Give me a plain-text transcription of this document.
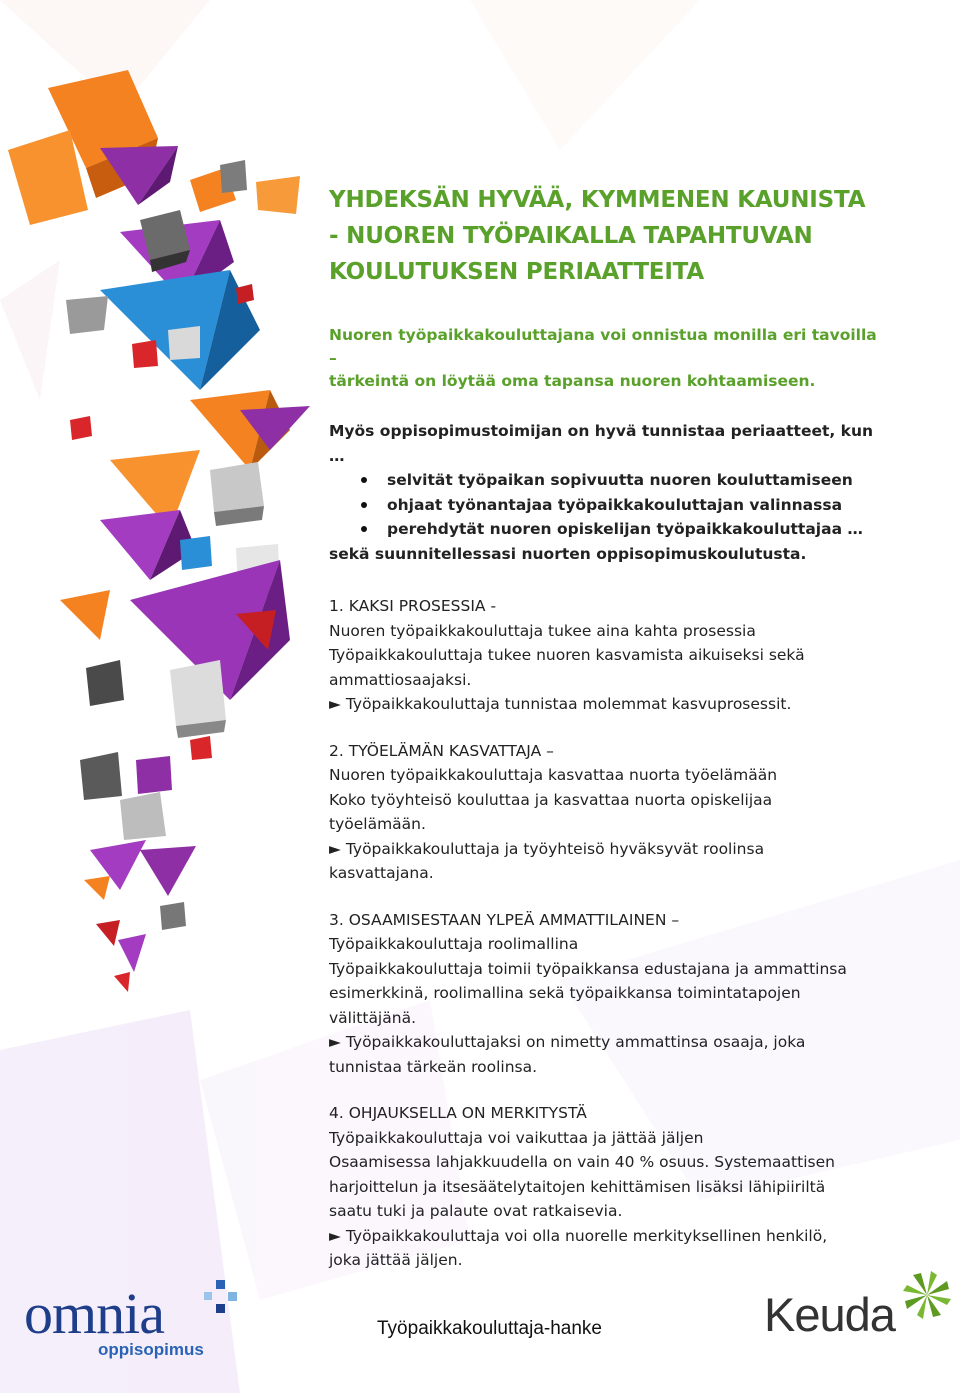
YHDEKSÄN HYVÄÄ, KYMMENEN KAUNISTA
- NUOREN TYÖPAIKALLA TAPAHTUVAN
KOULUTUKSEN PERIAATTEITA
Nuoren työpaikkakouluttajana voi onnistua monilla eri tavoilla –
tärkeintä on löytää oma tapansa nuoren kohtaamiseen.
Myös oppisopimustoimijan on hyvä tunnistaa periaatteet, kun …
selvität työpaikan sopivuutta nuoren kouluttamiseen
ohjaat työnantajaa työpaikkakouluttajan valinnassa
perehdytät nuoren opiskelijan työpaikkakouluttajaa …
sekä suunnitellessasi nuorten oppisopimuskoulutusta.
1. KAKSI PROSESSIA -
Nuoren työpaikkakouluttaja tukee aina kahta prosessia
Työpaikkakouluttaja tukee nuoren kasvamista aikuiseksi sekä
ammattiosaajaksi.
► Työpaikkakouluttaja tunnistaa molemmat kasvuprosessit.
2. TYÖELÄMÄN KASVATTAJA –
Nuoren työpaikkakouluttaja kasvattaa nuorta työelämään
Koko työyhteisö kouluttaa ja kasvattaa nuorta opiskelijaa
työelämään.
► Työpaikkakouluttaja ja työyhteisö hyväksyvät roolinsa
kasvattajana.
3. OSAAMISESTAAN YLPEÄ AMMATTILAINEN –
Työpaikkakouluttaja roolimallina
Työpaikkakouluttaja toimii työpaikkansa edustajana ja ammattinsa
esimerkkinä, roolimallina sekä työpaikkansa toimintatapojen
välittäjänä.
► Työpaikkakouluttajaksi on nimetty ammattinsa osaaja, joka
tunnistaa tärkeän roolinsa.
4. OHJAUKSELLA ON MERKITYSTÄ
Työpaikkakouluttaja voi vaikuttaa ja jättää jäljen
Osaamisessa lahjakkuudella on vain 40 % osuus. Systemaattisen
harjoittelun ja itsesäätelytaitojen kehittämisen lisäksi lähipiiriltä
saatu tuki ja palaute ovat ratkaisevia.
► Työpaikkakouluttaja voi olla nuorelle merkityksellinen henkilö,
joka jättää jäljen.
omnia
oppisopimus
Työpaikkakouluttaja-hanke	Keuda
